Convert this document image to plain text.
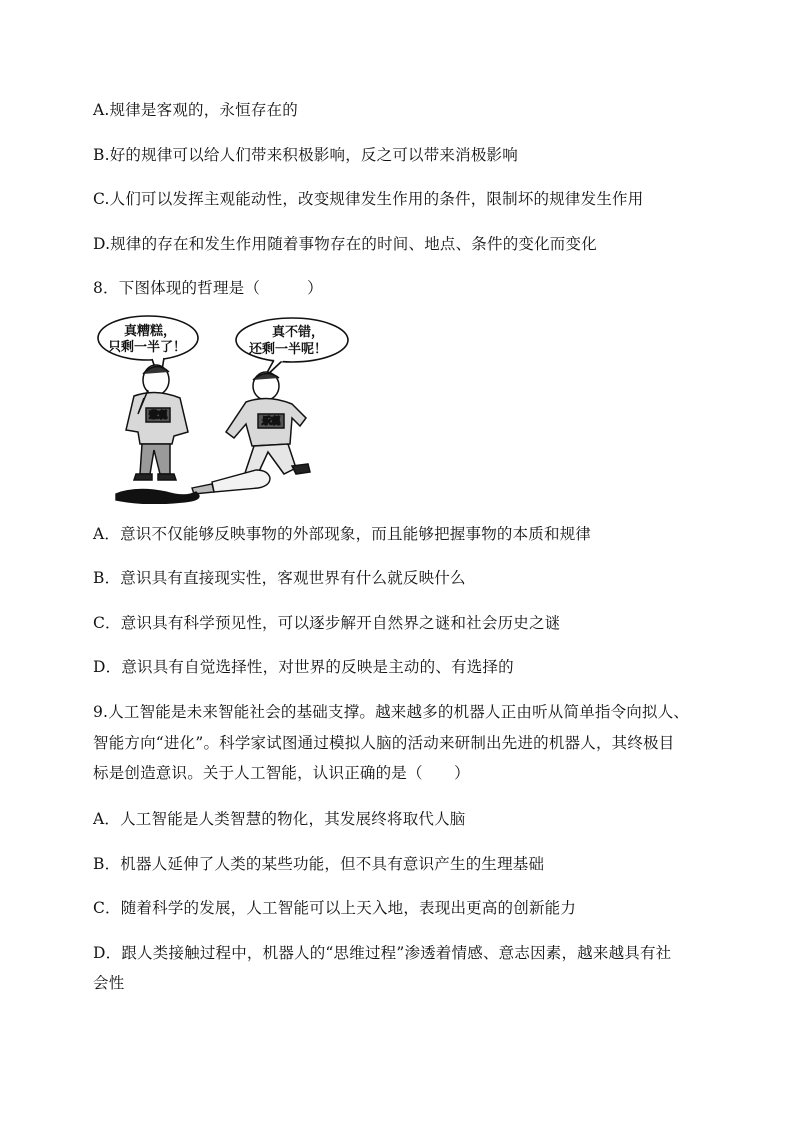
A.规律是客观的，永恒存在的
B.好的规律可以给人们带来积极影响，反之可以带来消极影响
C.人们可以发挥主观能动性，改变规律发生作用的条件，限制坏的规律发生作用
D.规律的存在和发生作用随着事物存在的时间、地点、条件的变化而变化
8．下图体现的哲理是（　　　）
真糟糕，
只剩一半了！
真不错，
还剩一半呢！
悲观
乐观
A．意识不仅能够反映事物的外部现象，而且能够把握事物的本质和规律
B．意识具有直接现实性，客观世界有什么就反映什么
C．意识具有科学预见性，可以逐步解开自然界之谜和社会历史之谜
D．意识具有自觉选择性，对世界的反映是主动的、有选择的
9.人工智能是未来智能社会的基础支撑。越来越多的机器人正由听从简单指令向拟人、
智能方向“进化”。科学家试图通过模拟人脑的活动来研制出先进的机器人，其终极目
标是创造意识。关于人工智能，认识正确的是（　　）
A．人工智能是人类智慧的物化，其发展终将取代人脑
B．机器人延伸了人类的某些功能，但不具有意识产生的生理基础
C．随着科学的发展，人工智能可以上天入地，表现出更高的创新能力
D．跟人类接触过程中，机器人的“思维过程”渗透着情感、意志因素，越来越具有社
会性
